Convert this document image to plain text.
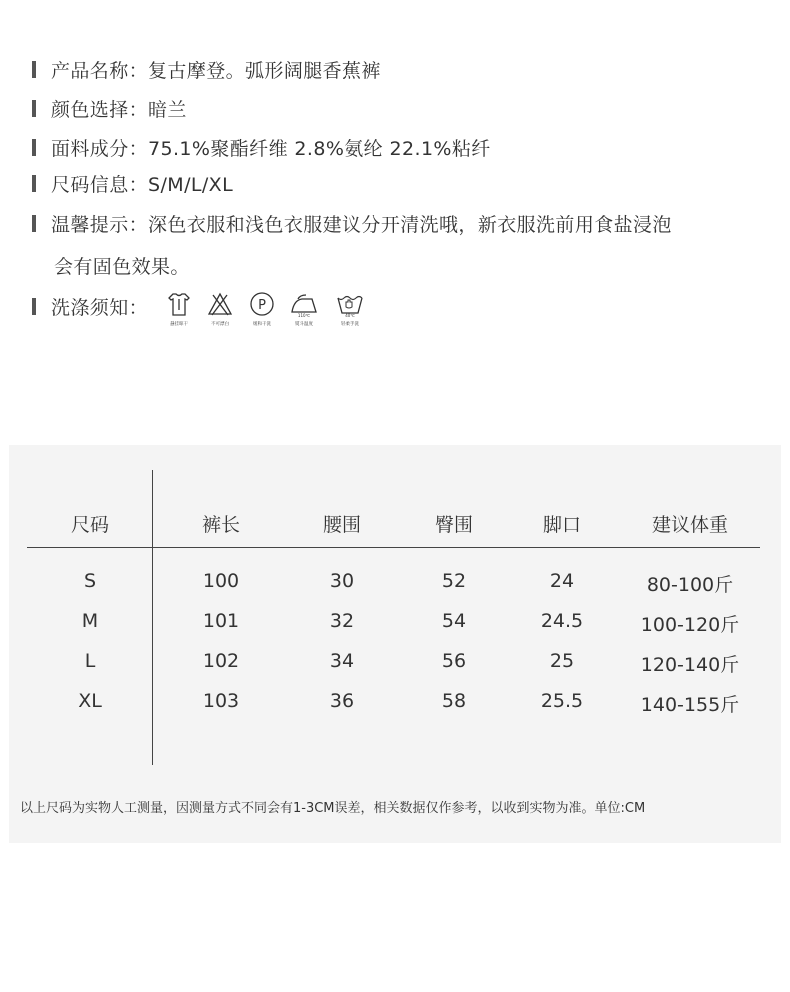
产品名称：复古摩登。弧形阔腿香蕉裤
颜色选择：暗兰
面料成分：75.1%聚酯纤维 2.8%氨纶 22.1%粘纤
尺码信息：S/M/L/XL
温馨提示：深色衣服和浅色衣服建议分开清洗哦，新衣服洗前用食盐浸泡
会有固色效果。
洗涤须知：
悬挂晾干	不可漂白
P
缓和干洗
110℃
熨斗温度
40℃
轻柔手洗
尺码	裤长	腰围	臀围	脚口	建议体重
S	100	30	52	24	80-100斤
M	101	32	54	24.5	100-120斤
L	102	34	56	25	120-140斤
XL	103	36	58	25.5	140-155斤
以上尺码为实物人工测量，因测量方式不同会有1-3CM误差，相关数据仅作参考，以收到实物为准。单位:CM
